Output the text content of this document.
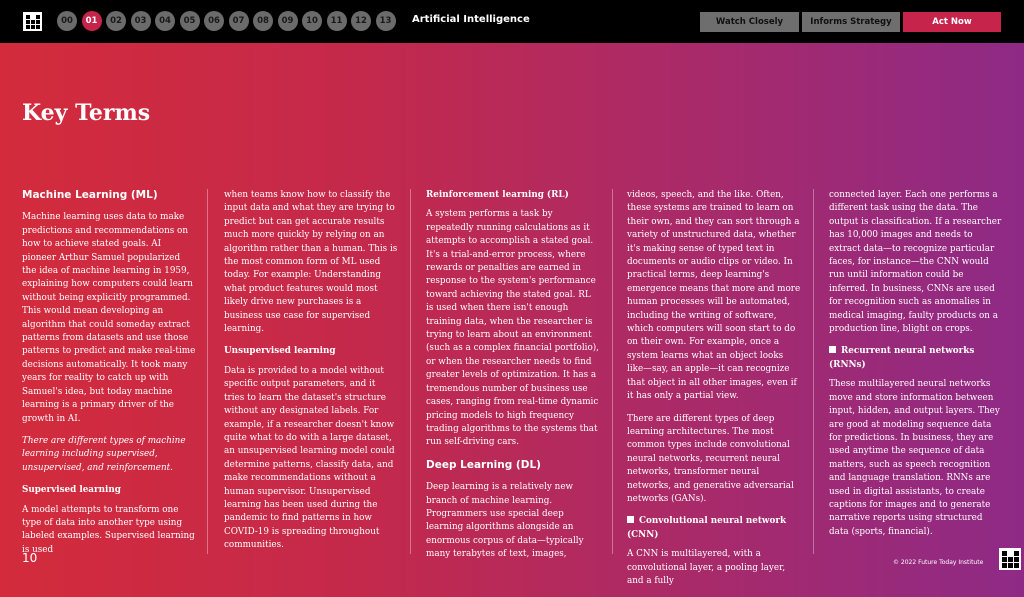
00	01	02	03	04	05	06	07	08	09	10	11	12	13	Artificial Intelligence	Watch Closely	Informs Strategy	Act Now
Key Terms
Machine Learning (ML)

Machine learning uses data to make predictions and recommendations on how to achieve stated goals. AI pioneer Arthur Samuel popularized the idea of machine learning in 1959, explaining how computers could learn without being explicitly programmed. This would mean developing an algorithm that could someday extract patterns from datasets and use those patterns to predict and make real-time decisions automatically. It took many years for reality to catch up with Samuel's idea, but today machine learning is a primary driver of the growth in AI.

There are different types of machine learning including supervised, unsupervised, and reinforcement.

Supervised learning

A model attempts to transform one type of data into another type using labeled examples. Supervised learning is used

when teams know how to classify the input data and what they are trying to predict but can get accurate results much more quickly by relying on an algorithm rather than a human. This is the most common form of ML used today. For example: Understanding what product features would most likely drive new purchases is a business use case for supervised learning.

Unsupervised learning

Data is provided to a model without specific output parameters, and it tries to learn the dataset's structure without any designated labels. For example, if a researcher doesn't know quite what to do with a large dataset, an unsupervised learning model could determine patterns, classify data, and make recommendations without a human supervisor. Unsupervised learning has been used during the pandemic to find patterns in how COVID-19 is spreading throughout communities.

Reinforcement learning (RL)

A system performs a task by repeatedly running calculations as it attempts to accomplish a stated goal. It's a trial-and-error process, where rewards or penalties are earned in response to the system's performance toward achieving the stated goal. RL is used when there isn't enough training data, when the researcher is trying to learn about an environment (such as a complex financial portfolio), or when the researcher needs to find greater levels of optimization. It has a tremendous number of business use cases, ranging from real-time dynamic pricing models to high frequency trading algorithms to the systems that run self-driving cars.

Deep Learning (DL)

Deep learning is a relatively new branch of machine learning. Programmers use special deep learning algorithms alongside an enormous corpus of data—typically many terabytes of text, images,

videos, speech, and the like. Often, these systems are trained to learn on their own, and they can sort through a variety of unstructured data, whether it's making sense of typed text in documents or audio clips or video. In practical terms, deep learning's emergence means that more and more human processes will be automated, including the writing of software, which computers will soon start to do on their own. For example, once a system learns what an object looks like—say, an apple—it can recognize that object in all other images, even if it has only a partial view.

There are different types of deep learning architectures. The most common types include convolutional neural networks, recurrent neural networks, transformer neural networks, and generative adversarial networks (GANs).

Convolutional neural network (CNN)

A CNN is multilayered, with a convolutional layer, a pooling layer, and a fully

connected layer. Each one performs a different task using the data. The output is classification. If a researcher has 10,000 images and needs to extract data—to recognize particular faces, for instance—the CNN would run until information could be inferred. In business, CNNs are used for recognition such as anomalies in medical imaging, faulty products on a production line, blight on crops.

Recurrent neural networks (RNNs)

These multilayered neural networks move and store information between input, hidden, and output layers. They are good at modeling sequence data for predictions. In business, they are used anytime the sequence of data matters, such as speech recognition and language translation. RNNs are used in digital assistants, to create captions for images and to generate narrative reports using structured data (sports, financial).

10	© 2022 Future Today Institute
